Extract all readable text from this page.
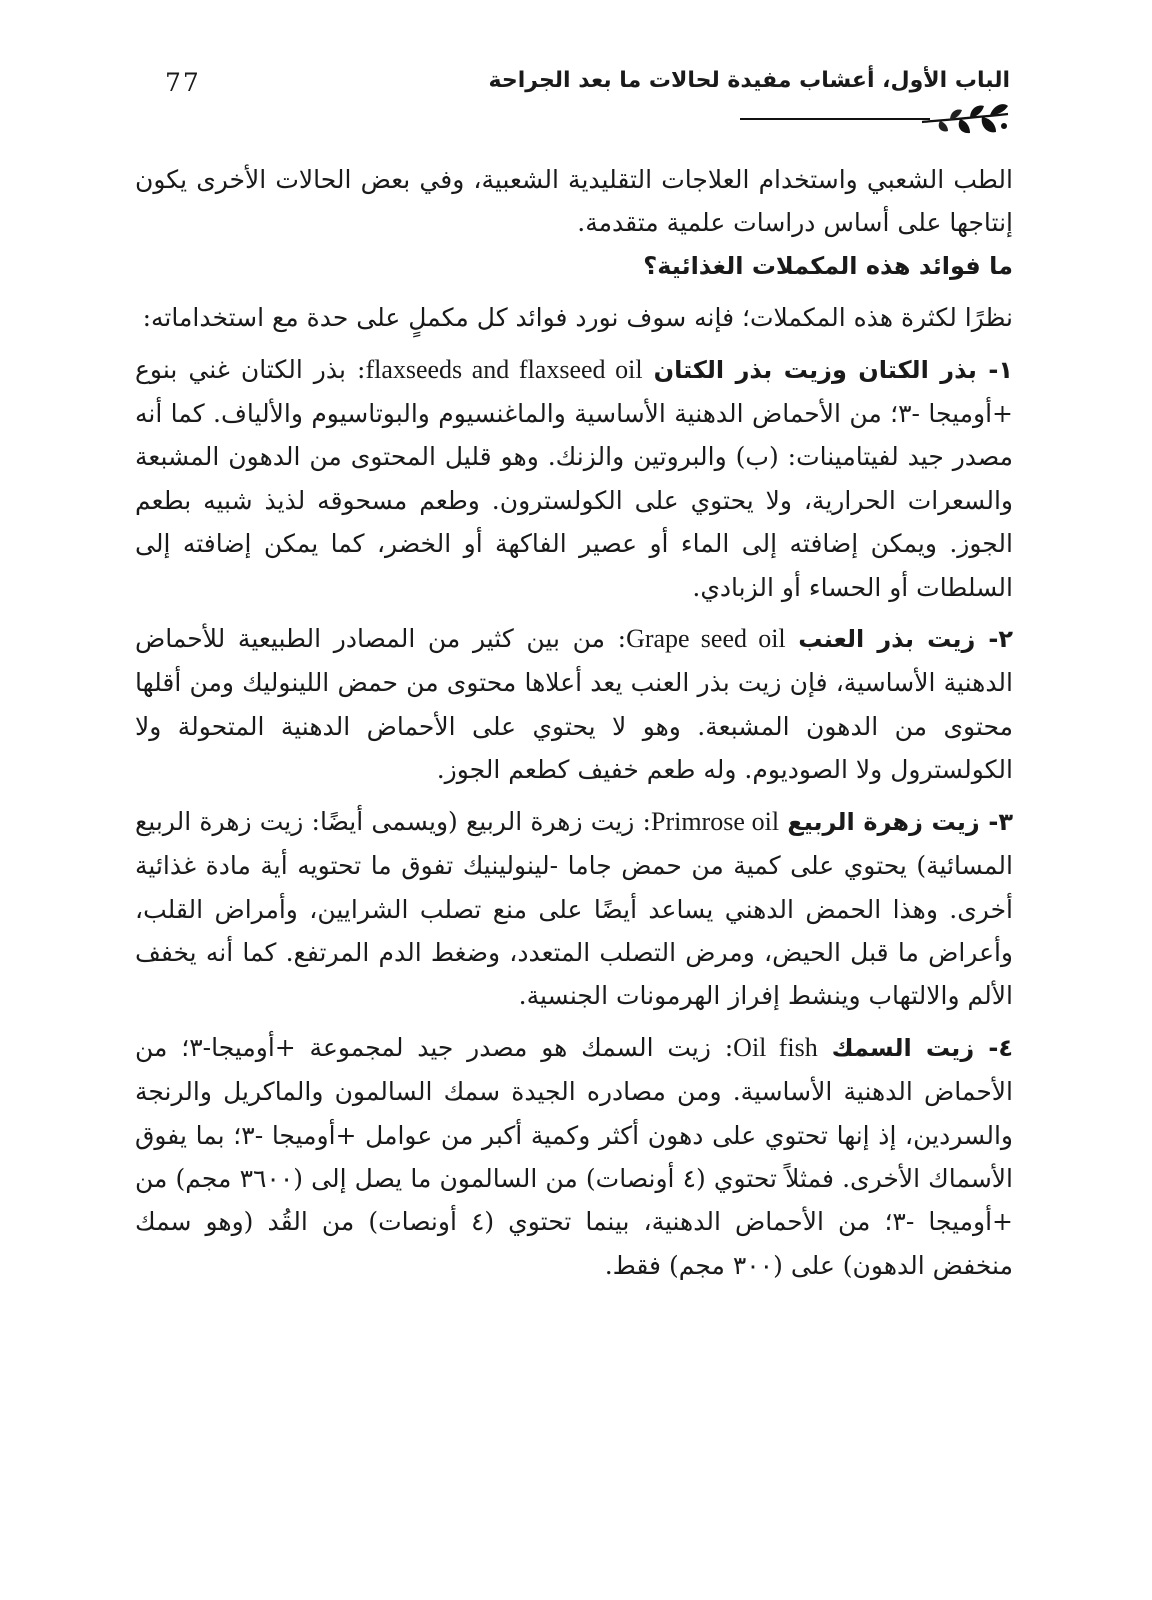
77	الباب الأول، أعشاب مفيدة لحالات ما بعد الجراحة

الطب الشعبي واستخدام العلاجات التقليدية الشعبية، وفي بعض الحالات الأخرى يكون إنتاجها على أساس دراسات علمية متقدمة.

ما فوائد هذه المكملات الغذائية؟

نظرًا لكثرة هذه المكملات؛ فإنه سوف نورد فوائد كل مكملٍ على حدة مع استخداماته:

١- بذر الكتان وزيت بذر الكتان flaxseeds and flaxseed oil: بذر الكتان غني بنوع +أوميجا -٣؛ من الأحماض الدهنية الأساسية والماغنسيوم والبوتاسيوم والألياف. كما أنه مصدر جيد لفيتامينات: (ب) والبروتين والزنك. وهو قليل المحتوى من الدهون المشبعة والسعرات الحرارية، ولا يحتوي على الكولسترون. وطعم مسحوقه لذيذ شبيه بطعم الجوز. ويمكن إضافته إلى الماء أو عصير الفاكهة أو الخضر، كما يمكن إضافته إلى السلطات أو الحساء أو الزبادي.

٢- زيت بذر العنب Grape seed oil: من بين كثير من المصادر الطبيعية للأحماض الدهنية الأساسية، فإن زيت بذر العنب يعد أعلاها محتوى من حمض اللينوليك ومن أقلها محتوى من الدهون المشبعة. وهو لا يحتوي على الأحماض الدهنية المتحولة ولا الكولسترول ولا الصوديوم. وله طعم خفيف كطعم الجوز.

٣- زيت زهرة الربيع Primrose oil: زيت زهرة الربيع (ويسمى أيضًا: زيت زهرة الربيع المسائية) يحتوي على كمية من حمض جاما -لينولينيك تفوق ما تحتويه أية مادة غذائية أخرى. وهذا الحمض الدهني يساعد أيضًا على منع تصلب الشرايين، وأمراض القلب، وأعراض ما قبل الحيض، ومرض التصلب المتعدد، وضغط الدم المرتفع. كما أنه يخفف الألم والالتهاب وينشط إفراز الهرمونات الجنسية.

٤- زيت السمك Oil fish: زيت السمك هو مصدر جيد لمجموعة +أوميجا-٣؛ من الأحماض الدهنية الأساسية. ومن مصادره الجيدة سمك السالمون والماكريل والرنجة والسردين، إذ إنها تحتوي على دهون أكثر وكمية أكبر من عوامل +أوميجا -٣؛ بما يفوق الأسماك الأخرى. فمثلاً تحتوي (٤ أونصات) من السالمون ما يصل إلى (٣٦٠٠ مجم) من +أوميجا -٣؛ من الأحماض الدهنية، بينما تحتوي (٤ أونصات) من القُد (وهو سمك منخفض الدهون) على (٣٠٠ مجم) فقط.
